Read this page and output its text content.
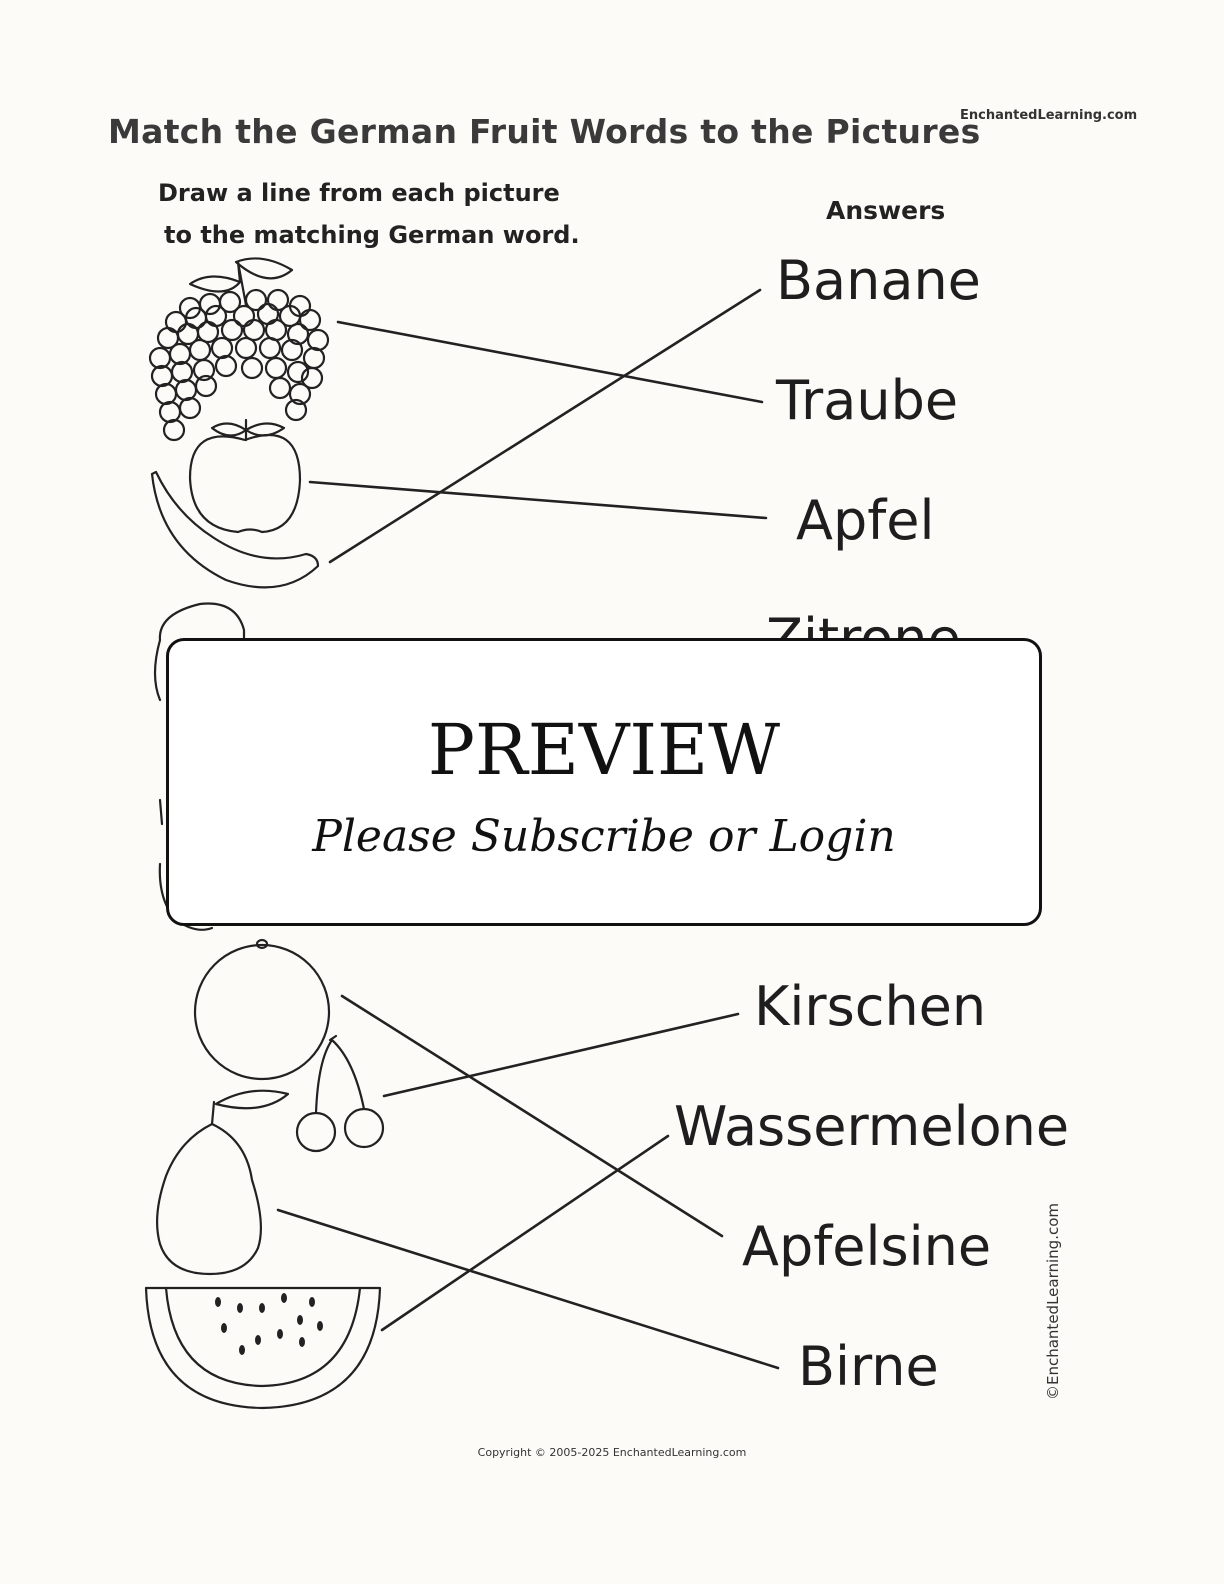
Match the German Fruit Words to the Pictures
EnchantedLearning.com
Draw a line from each picture
to the matching German word.
Answers
Banane
Traube
Apfel
Kirschen
Wassermelone
Apfelsine
Birne
PREVIEW
Please Subscribe or Login
©EnchantedLearning.com
Copyright © 2005-2025 EnchantedLearning.com
